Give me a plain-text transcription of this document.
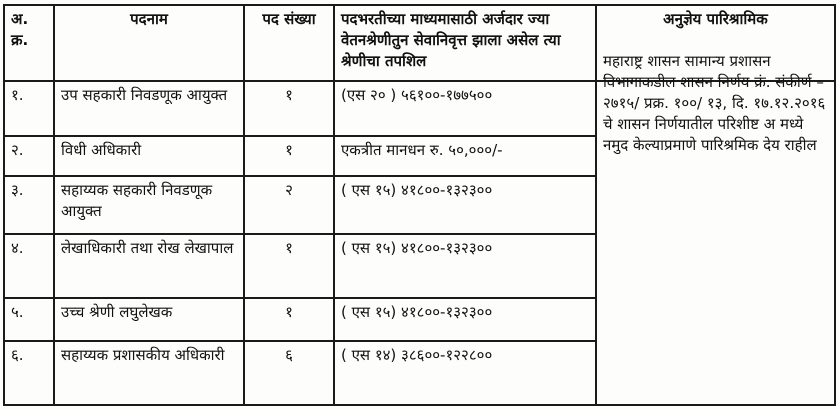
अ. क्र.	पदनाम	पद संख्या	पदभरतीच्या माध्यमासाठी अर्जदार ज्या वेतनश्रेणीतुन सेवानिवृत्त झाला असेल त्या श्रेणीचा तपशिल	अनुज्ञेय पारिश्रामिक
१.	उप सहकारी निवडणूक आयुक्त	१	(एस २० ) ५६१००-१७७५००	महाराष्ट्र शासन सामान्य प्रशासन विभागाकडील शासन निर्णय क्रं. संकीर्ण –२७१५/ प्रक्र. १००/ १३, दि. १७.१२.२०१६ चे शासन निर्णयातील परिशीष्ट अ मध्ये नमुद केल्याप्रमाणे पारिश्रमिक देय राहील

२.	विधी अधिकारी	१	एकत्रीत मानधन रु. ५०,०००/-	
३.	सहाय्यक सहकारी निवडणूक आयुक्त	२	( एस १५) ४१८००-१३२३००	
४.	लेखाधिकारी तथा रोख लेखापाल	१	( एस १५) ४१८००-१३२३००	
५.	उच्च श्रेणी लघुलेखक	१	( एस १५) ४१८००-१३२३००	
६.	सहाय्यक प्रशासकीय अधिकारी	६	( एस १४) ३८६००-१२२८००	
